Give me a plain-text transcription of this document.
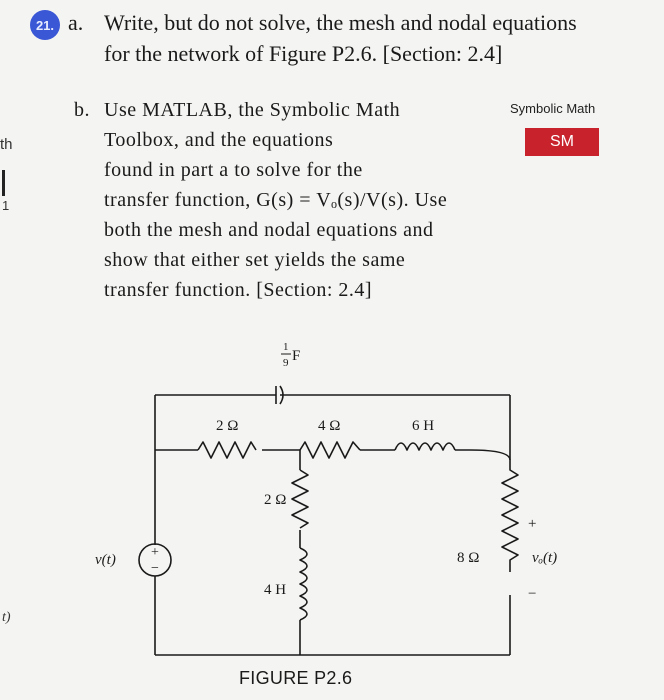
21. a. Write, but do not solve, the mesh and nodal equations
for the network of Figure P2.6. [Section: 2.4]
b. Use MATLAB, the Symbolic Math
Toolbox, and the equations
found in part a to solve for the
transfer function, G(s) = Vₒ(s)/V(s). Use
both the mesh and nodal equations and
show that either set yields the same
transfer function. [Section: 2.4]
Symbolic Math
SM
th
1
t)
+
−
v(t)
1
9 F
2 Ω	4 Ω	6 H
2 Ω
4 H
8 Ω
+
vₒ(t)
−
FIGURE P2.6
